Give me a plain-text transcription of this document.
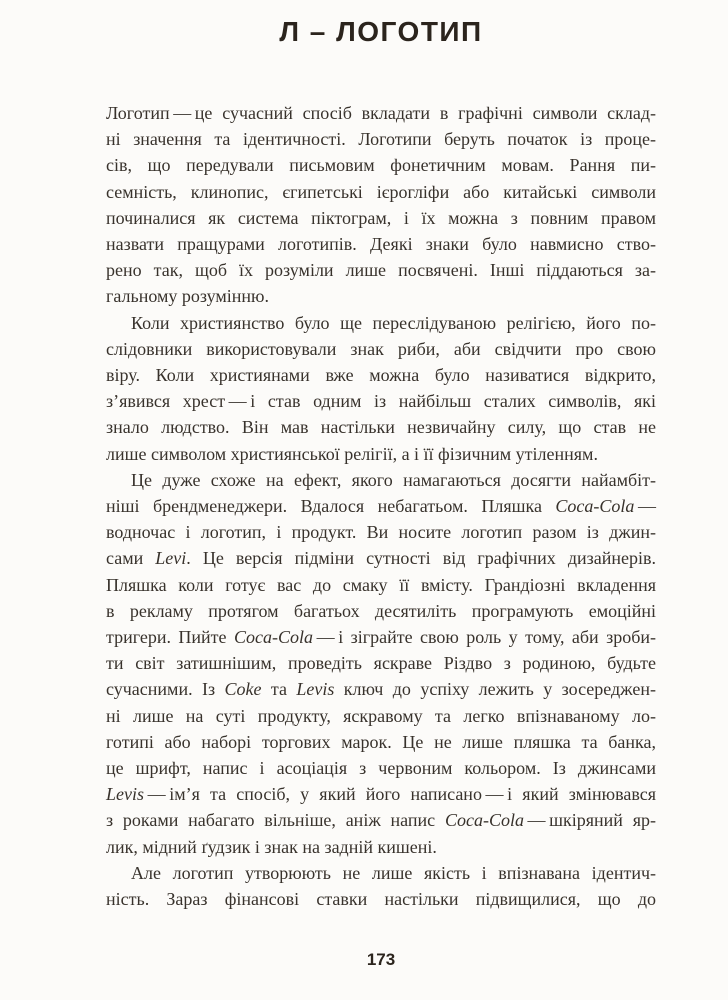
Л – ЛОГОТИП
Логотип — це сучасний спосіб вкладати в графічні символи склад-
ні значення та ідентичності. Логотипи беруть початок із проце-
сів, що передували письмовим фонетичним мовам. Рання пи-
семність, клинопис, єгипетські ієрогліфи або китайські символи
починалися як система піктограм, і їх можна з повним правом
назвати пращурами логотипів. Деякі знаки було навмисно ство-
рено так, щоб їх розуміли лише посвячені. Інші піддаються за-
гальному розумінню.
Коли християнство було ще переслідуваною релігією, його по-
слідовники використовували знак риби, аби свідчити про свою
віру. Коли християнами вже можна було називатися відкрито,
з’явився хрест — і став одним із найбільш сталих символів, які
знало людство. Він мав настільки незвичайну силу, що став не
лише символом християнської релігії, а і її фізичним утіленням.
Це дуже схоже на ефект, якого намагаються досягти найамбіт-
ніші брендменеджери. Вдалося небагатьом. Пляшка Coca-Cola —
водночас і логотип, і продукт. Ви носите логотип разом із джин-
сами Levi. Це версія підміни сутності від графічних дизайнерів.
Пляшка коли готує вас до смаку її вмісту. Грандіозні вкладення
в рекламу протягом багатьох десятиліть програмують емоційні
тригери. Пийте Coca-Cola — і зіграйте свою роль у тому, аби зроби-
ти світ затишнішим, проведіть яскраве Різдво з родиною, будьте
сучасними. Із Coke та Levis ключ до успіху лежить у зосереджен-
ні лише на суті продукту, яскравому та легко впізнаваному ло-
готипі або наборі торгових марок. Це не лише пляшка та банка,
це шрифт, напис і асоціація з червоним кольором. Із джинсами
Levis — ім’я та спосіб, у який його написано — і який змінювався
з роками набагато вільніше, аніж напис Coca-Cola — шкіряний яр-
лик, мідний ґудзик і знак на задній кишені.
Але логотип утворюють не лише якість і впізнавана ідентич-
ність. Зараз фінансові ставки настільки підвищилися, що до
173
